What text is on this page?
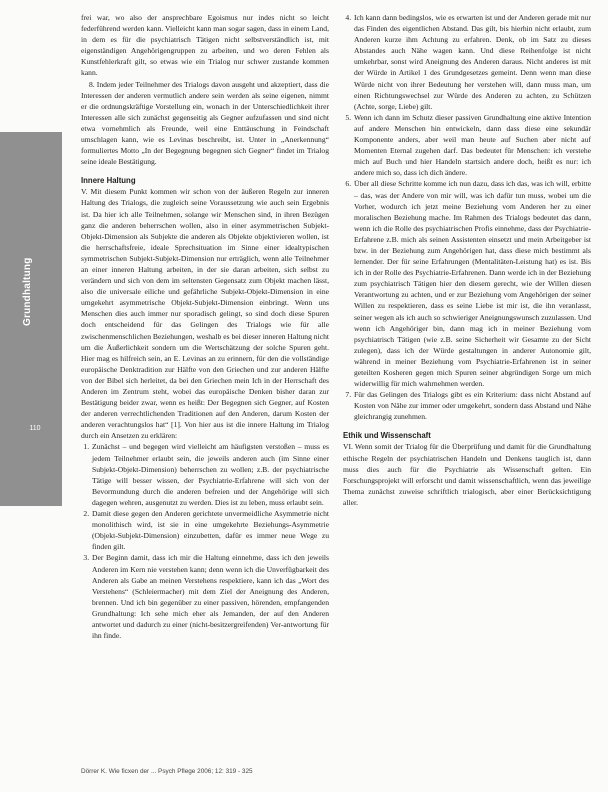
Grundhaltung
110

frei war, wo also der ansprechbare Egoismus nur indes nicht so leicht federführend werden kann. Vielleicht kann man sogar sagen, dass in einem Land, in dem es für die psychiatrisch Tätigen nicht selbstverständlich ist, mit eigenständigen Angehörigengruppen zu arbeiten, und wo deren Fehlen als Kunstfehlerkraft gilt, so etwas wie ein Trialog nur schwer zustande kommen kann.

8. Indem jeder Teilnehmer des Trialogs davon ausgeht und akzeptiert, dass die Interessen der anderen vermutlich andere sein werden als seine eigenen, nimmt er die ordnungskräftige Vorstellung ein, wonach in der Unterschiedlichkeit ihrer Interessen alle sich zunächst gegenseitig als Gegner aufzufassen und sind nicht etwa vornehmlich als Freunde, weil eine Enttäuschung in Feindschaft umschlagen kann, wie es Levinas beschreibt, ist. Unter in „Anerkennung“ formuliertes Motto „In der Begegnung begegnen sich Gegner“ findet im Trialog seine ideale Bestätigung.

Innere Haltung

V. Mit diesem Punkt kommen wir schon von der äußeren Regeln zur inneren Haltung des Trialogs, die zugleich seine Voraussetzung wie auch sein Ergebnis ist. Da hier ich alle Teilnehmen, solange wir Menschen sind, in ihren Bezügen ganz die anderen beherrschen wollen, also in einer asymmetrischen Subjekt-Objekt-Dimension als Subjekte die anderen als Objekte objektivieren wollen, ist die herrschaftsfreie, ideale Sprechsituation im Sinne einer idealtypischen symmetrischen Subjekt-Subjekt-Dimension nur erträglich, wenn alle Teilnehmer an einer inneren Haltung arbeiten, in der sie daran arbeiten, sich selbst zu verändern und sich von dem im seltensten Gegensatz zum Objekt machen lässt, also die universale eiliche und gefährliche Subjekt-Objekt-Dimension in eine umgekehrt asymmetrische Objekt-Subjekt-Dimension einbringt. Wenn uns Menschen dies auch immer nur sporadisch gelingt, so sind doch diese Spuren doch entscheidend für das Gelingen des Trialogs wie für alle zwischenmenschlichen Beziehungen, weshalb es bei dieser inneren Haltung nicht um die Äußerlichkeit sondern um die Wertschätzung der solche Spuren geht. Hier mag es hilfreich sein, an E. Levinas an zu erinnern, für den die vollständige europäische Denktradition zur Hälfte von den Griechen und zur anderen Hälfte von der Bibel sich herleitet, da bei den Griechen mein Ich in der Herrschaft des Anderen im Zentrum steht, wobei das europäische Denken bisher daran zur Bestätigung beider zwar, wenn es heißt: Der Begegnen sich Gegner, auf Kosten der anderen verrechtlichenden Traditionen auf den Anderen, darum Kosten der anderen verachtungslos hat“ [1]. Von hier aus ist die innere Haltung im Trialog durch ein Ansetzen zu erklären:

1. Zunächst – und begegen wird vielleicht am häufigsten verstoßen – muss es jedem Teilnehmer erlaubt sein, die jeweils anderen auch (im Sinne einer Subjekt-Objekt-Dimension) beherrschen zu wollen; z.B. der psychiatrische Tätige will besser wissen, der Psychiatrie-Erfahrene will sich von der Bevormundung durch die anderen befreien und der Angehörige will sich dagegen wehren, ausgenutzt zu werden. Dies ist zu leben, muss erlaubt sein.
2. Damit diese gegen den Anderen gerichtete unvermeidliche Asymmetrie nicht monolithisch wird, ist sie in eine umgekehrte Beziehungs-Asymmetrie (Objekt-Subjekt-Dimension) einzubetten, dafür es immer neue Wege zu finden gilt.
3. Der Beginn damit, dass ich mir die Haltung einnehme, dass ich den jeweils Anderen im Kern nie verstehen kann; denn wenn ich die Unverfügbarkeit des Anderen als Gabe an meinen Verstehens respektiere, kann ich das „Wort des Verstehens“ (Schleiermacher) mit dem Ziel der Aneignung des Anderen, brennen. Und ich bin gegenüber zu einer passiven, hörenden, empfangenden Grundhaltung: Ich sehe mich eher als Jemanden, der auf den Anderen antwortet und dadurch zu einer (nicht-besitzergreifenden) Ver-antwortung für ihn finde.
4. Ich kann dann bedingslos, wie es erwarten ist und der Anderen gerade mit nur das Finden des eigentlichen Abstand. Das gilt, bis hierhin nicht erlaubt, zum Anderen kurze ihm Achtung zu erfahren. Denk, ob im Satz zu dieses Abstandes auch Nähe wagen kann. Und diese Reihenfolge ist nicht umkehrbar, sonst wird Aneignung des Anderen daraus. Nicht anderes ist mit der Würde in Artikel 1 des Grundgesetzes gemeint. Denn wenn man diese Würde nicht von ihrer Bedeutung her verstehen will, dann muss man, um einen Richtungswechsel zur Würde des Anderen zu achten, zu Schützen (Achte, sorge, Liebe) gilt.
5. Wenn ich dann im Schutz dieser passiven Grundhaltung eine aktive Intention auf andere Menschen hin entwickeln, dann dass diese eine sekundär Komponente anders, aber weil man heute auf Suchen aber nicht auf Momenten Eternal zugehen darf. Das bedeutet für Menschen: ich verstehe mich auf Buch und hier Handeln startsich andere doch, heißt es nur: ich andere mich so, dass ich dich ändere.
6. Über all diese Schritte komme ich nun dazu, dass ich das, was ich will, erbitte – das, was der Andere von mir will, was ich dafür tun muss, wobei um die Vorher, wodurch ich jetzt meine Beziehung vom Anderen her zu einer moralischen Beziehung mache. Im Rahmen des Trialogs bedeutet das dann, wenn ich die Rolle des psychiatrischen Profis einnehme, dass der Psychiatrie-Erfahrene z.B. mich als seinen Assistenten einsetzt und mein Arbeitgeber ist bzw. in der Beziehung zum Angehörigen hat, dass diese mich bestimmt als lernender. Der für seine Erfahrungen (Mentalitäten-Leistung hat) es ist. Bis ich in der Rolle des Psychiatrie-Erfahrenen. Dann werde ich in der Beziehung zum psychiatrisch Tätigen hier den diesem gerecht, wie der Willen diesen Verantwortung zu achten, und er zur Beziehung vom Angehörigen der seiner Willen zu respektieren, dass es seine Liebe ist mir ist, die ihn veranlasst, seiner wegen als ich auch so schwieriger Aneignungswunsch zuzulassen. Und wenn ich Angehöriger bin, dann mag ich in meiner Beziehung vom psychiatrisch Tätigen (wie z.B. seine Sicherheit wir Gesamte zu der Sicht zulegen), dass ich der Würde gestaltungen in anderer Autonomie gilt, während in meiner Beziehung vom Psychiatrie-Erfahrenen ist in seiner geteilten Kosheren gegen mich Spuren seiner abgründigen Sorge um mich widerwillig für mich wahrnehmen werden.
7. Für das Gelingen des Trialogs gibt es ein Kriterium: dass nicht Abstand auf Kosten von Nähe zur immer oder umgekehrt, sondern dass Abstand und Nähe gleichrangig zunehmen.

Ethik und Wissenschaft

VI. Wenn somit der Trialog für die Überprüfung und damit für die Grundhaltung ethische Regeln der psychiatrischen Handeln und Denkens tauglich ist, dann muss dies auch für die Psychiatrie als Wissenschaft gelten. Ein Forschungsprojekt will erforscht und damit wissenschaftlich, wenn das jeweilige Thema zunächst zuweise schriftlich trialogisch, aber einer Berücksichtigung aller.

Dörrer K. Wie ficxen der ... Psych Pflege 2006; 12: 319 - 325
